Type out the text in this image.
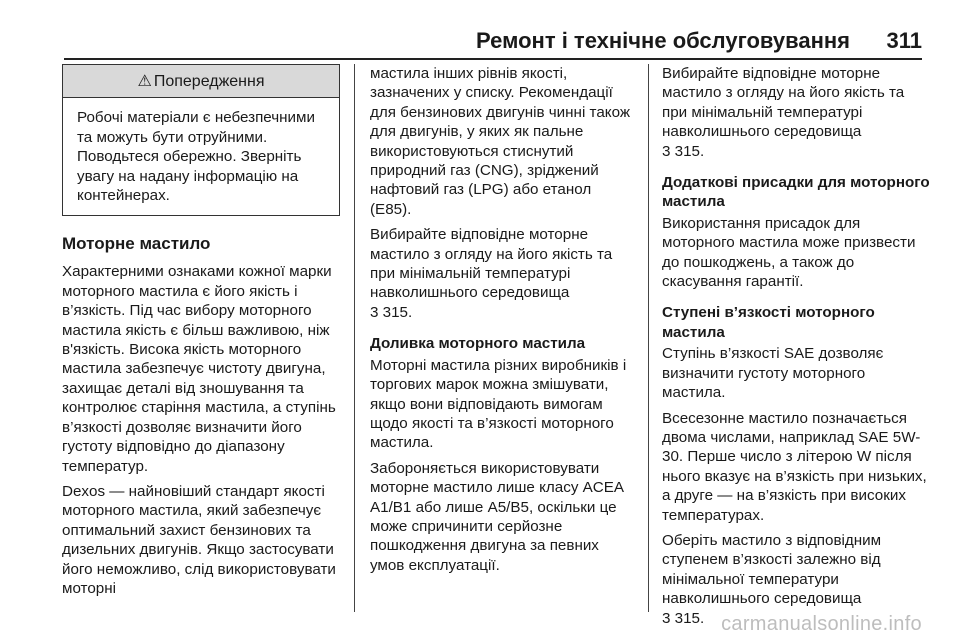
Ремонт і технічне обслуговування 311
⚠ Попередження
Робочі матеріали є небезпечними та можуть бути отруйними. Поводьтеся обережно. Зверніть увагу на надану інформацію на контейнерах.
Моторне мастило

Характерними ознаками кожної марки моторного мастила є його якість і в’язкість. Під час вибору моторного мастила якість є більш важливою, ніж в'язкість. Висока якість моторного мастила забезпечує чистоту двигуна, захищає деталі від зношування та контролює старіння мастила, а ступінь в’язкості дозволяє визначити його густоту відповідно до діапазону температур.

Dexos — найновіший стандарт якості моторного мастила, який забезпечує оптимальний захист бензинових та дизельних двигунів. Якщо застосувати його неможливо, слід використовувати моторні

мастила інших рівнів якості, зазначених у списку. Рекомендації для бензинових двигунів чинні також для двигунів, у яких як пальне використовуються стиснутий природний газ (CNG), зріджений нафтовий газ (LPG) або етанол (E85).

Вибирайте відповідне моторне мастило з огляду на його якість та при мінімальній температурі навколишнього середовища
3 315.

Доливка моторного мастила

Моторні мастила різних виробників і торгових марок можна змішувати, якщо вони відповідають вимогам щодо якості та в’язкості моторного мастила.

Забороняється використовувати моторне мастило лише класу ACEA A1/B1 або лише A5/B5, оскільки це може спричинити серйозне пошкодження двигуна за певних умов експлуатації.

Вибирайте відповідне моторне мастило з огляду на його якість та при мінімальній температурі навколишнього середовища
3 315.

Додаткові присадки для моторного мастила

Використання присадок для моторного мастила може призвести до пошкоджень, а також до скасування гарантії.

Ступені в’язкості моторного мастила

Ступінь в’язкості SAE дозволяє визначити густоту моторного мастила.

Всесезонне мастило позначається двома числами, наприклад SAE 5W-30. Перше число з літерою W після нього вказує на в’язкість при низьких, а друге — на в’язкість при високих температурах.

Оберіть мастило з відповідним ступенем в’язкості залежно від мінімальної температури навколишнього середовища
3 315. carmanualsonline.info
